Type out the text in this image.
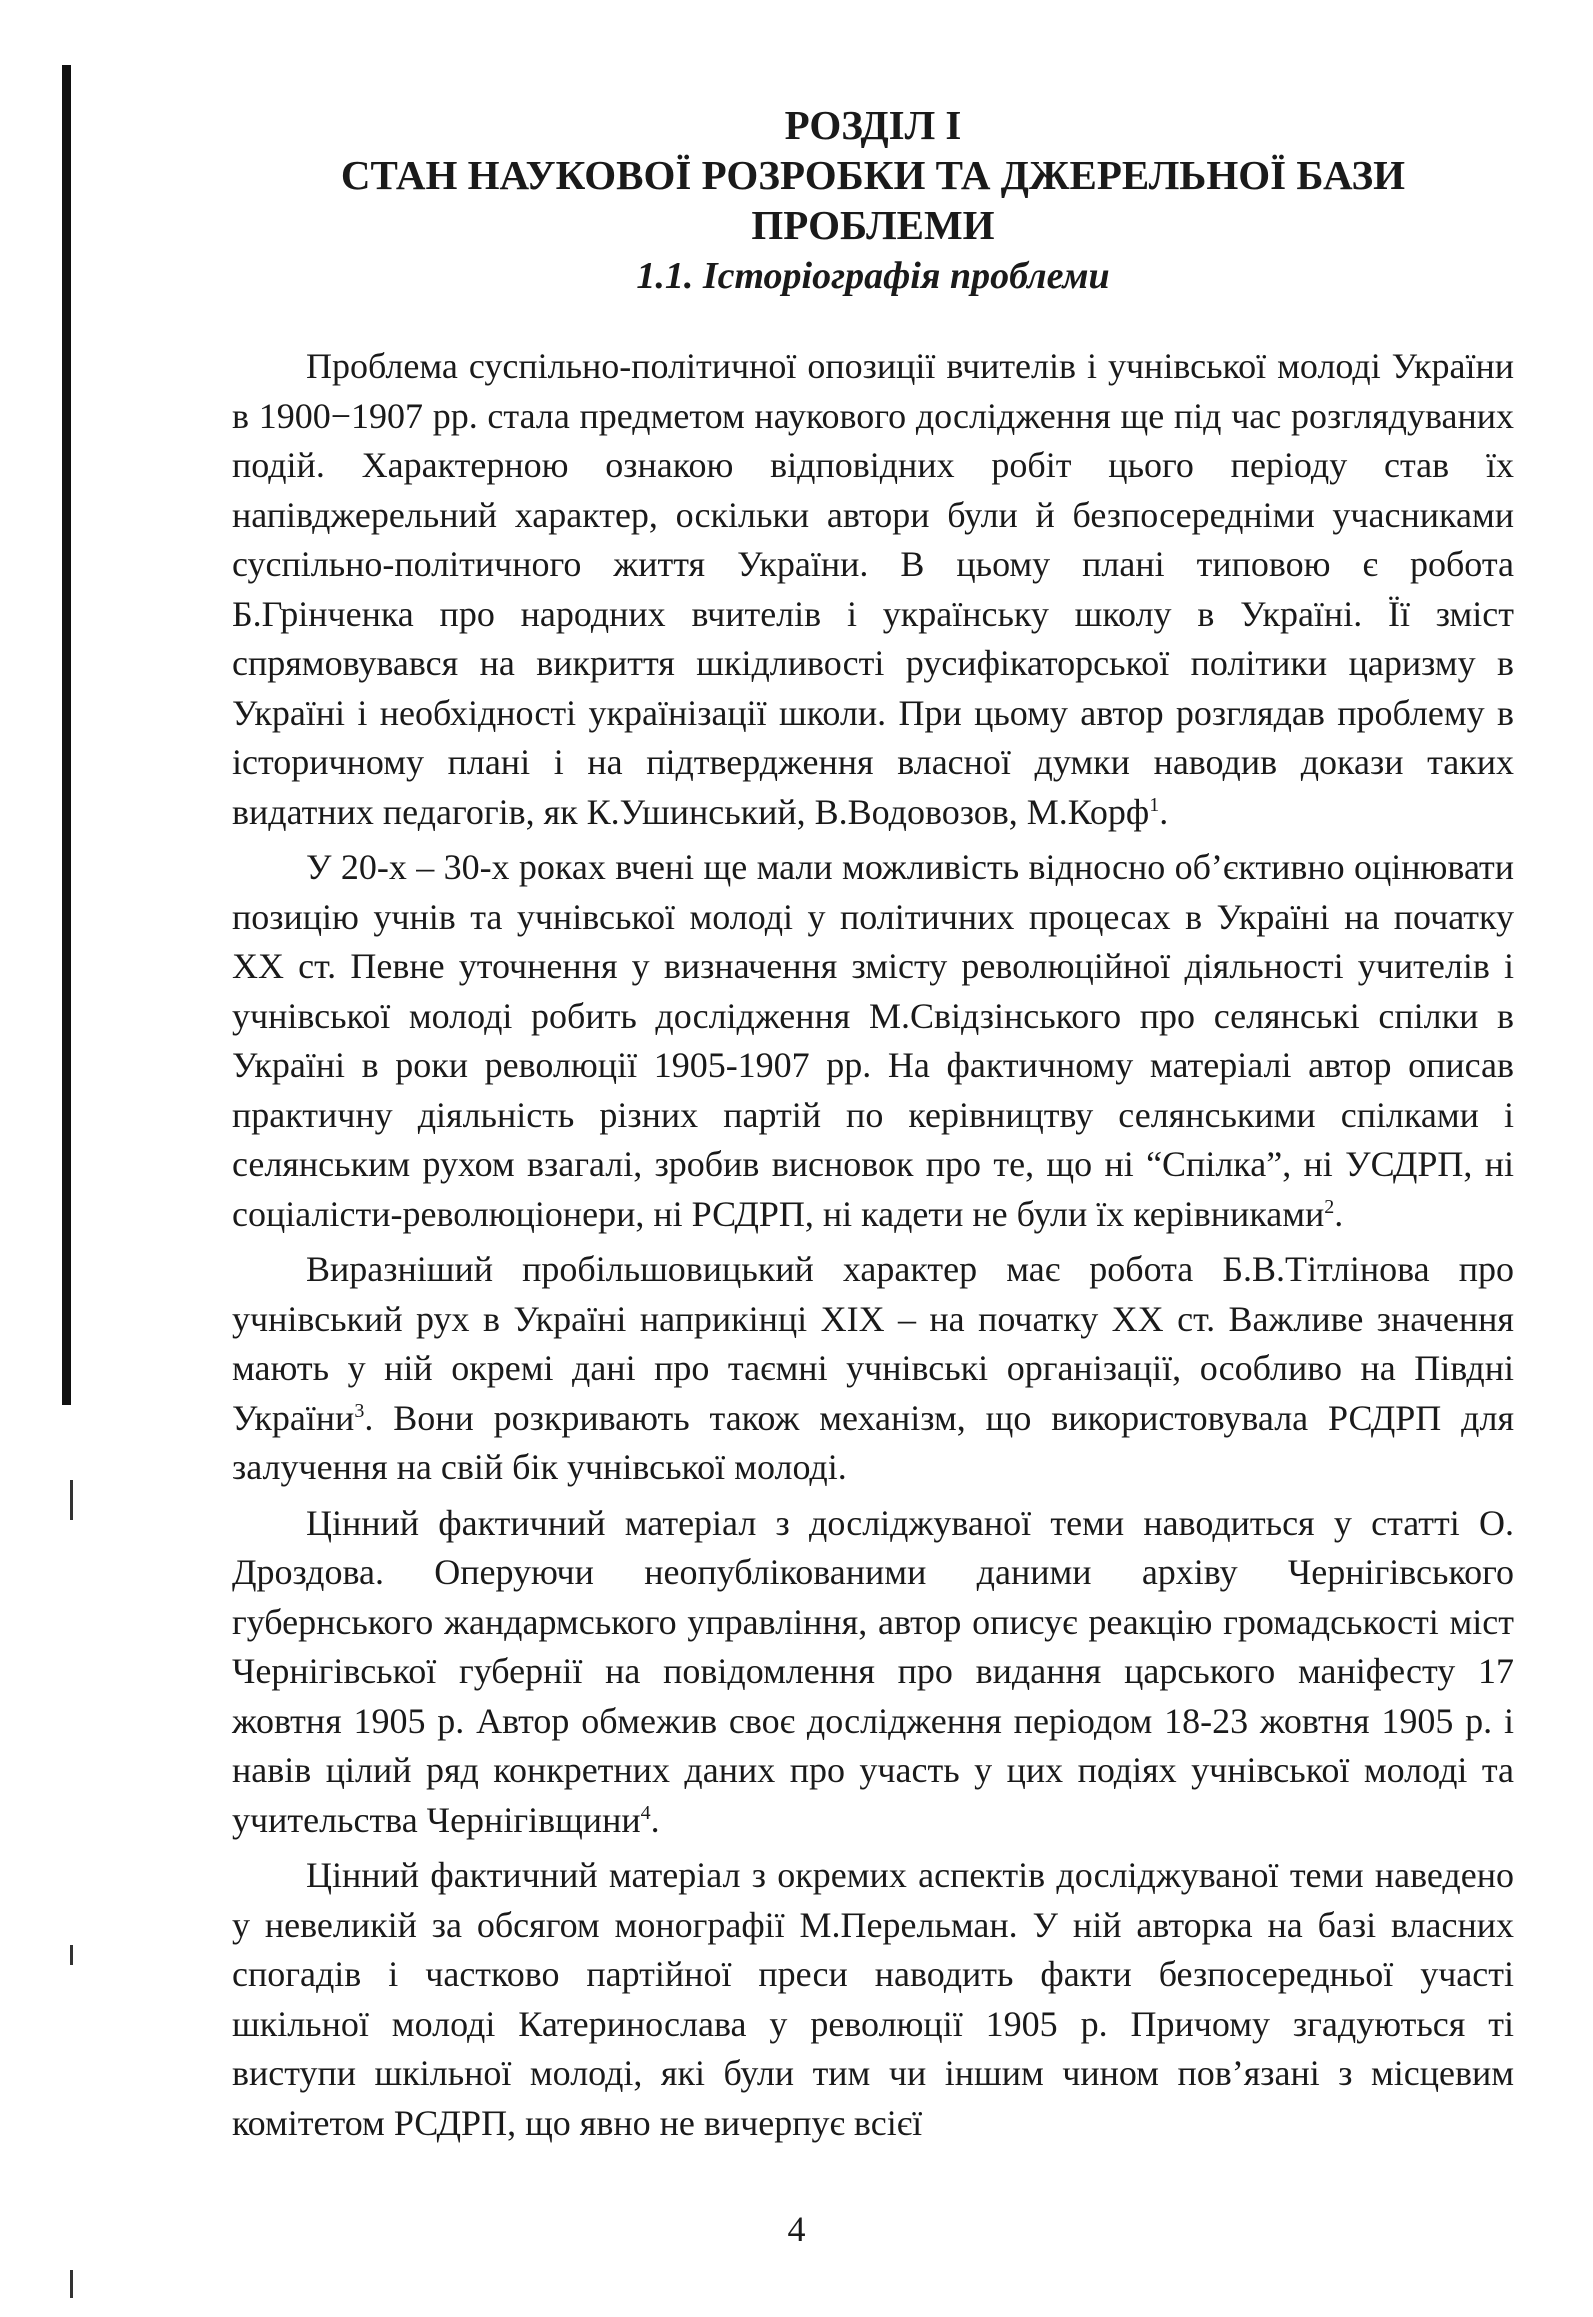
РОЗДІЛ I

СТАН НАУКОВОЇ РОЗРОБКИ ТА ДЖЕРЕЛЬНОЇ БАЗИ

ПРОБЛЕМИ

1.1. Історіографія проблеми

Проблема суспільно-політичної опозиції вчителів і учнівської молоді України в 1900−1907 рр. стала предметом наукового дослідження ще під час розглядуваних подій. Характерною ознакою відповідних робіт цього періоду став їх напівджерельний характер, оскільки автори були й безпосередніми учасниками суспільно-політичного життя України. В цьому плані типовою є робота Б.Грінченка про народних вчителів і українську школу в Україні. Її зміст спрямовувався на викриття шкідливості русифікаторської політики царизму в Україні і необхідності українізації школи. При цьому автор розглядав проблему в історичному плані і на підтвердження власної думки наводив докази таких видатних педагогів, як К.Ушинський, В.Водовозов, М.Корф$^1$.

У 20-х – 30-х роках вчені ще мали можливість відносно об’єктивно оцінювати позицію учнів та учнівської молоді у політичних процесах в Україні на початку XX ст. Певне уточнення у визначення змісту революційної діяльності учителів і учнівської молоді робить дослідження М.Свідзінського про селянські спілки в Україні в роки революції 1905-1907 рр. На фактичному матеріалі автор описав практичну діяльність різних партій по керівництву селянськими спілками і селянським рухом взагалі, зробив висновок про те, що ні “Спілка”, ні УСДРП, ні соціалісти-революціонери, ні РСДРП, ні кадети не були їх керівниками$^2$.

Виразніший пробільшовицький характер має робота Б.В.Тітлінова про учнівський рух в Україні наприкінці XIX – на початку XX ст. Важливе значення мають у ній окремі дані про таємні учнівські організації, особливо на Півдні України$^3$. Вони розкривають також механізм, що використовувала РСДРП для залучення на свій бік учнівської молоді.

Цінний фактичний матеріал з досліджуваної теми наводиться у статті О. Дроздова. Оперуючи неопублікованими даними архіву Чернігівського губернського жандармського управління, автор описує реакцію громадськості міст Чернігівської губернії на повідомлення про видання царського маніфесту 17 жовтня 1905 р. Автор обмежив своє дослідження періодом 18-23 жовтня 1905 р. і навів цілий ряд конкретних даних про участь у цих подіях учнівської молоді та учительства Чернігівщини$^4$.

Цінний фактичний матеріал з окремих аспектів досліджуваної теми наведено у невеликій за обсягом монографії М.Перельман. У ній авторка на базі власних спогадів і частково партійної преси наводить факти безпосередньої участі шкільної молоді Катеринослава у революції 1905 р. Причому згадуються ті виступи шкільної молоді, які були тим чи іншим чином пов’язані з місцевим комітетом РСДРП, що явно не вичерпує всієї

4
